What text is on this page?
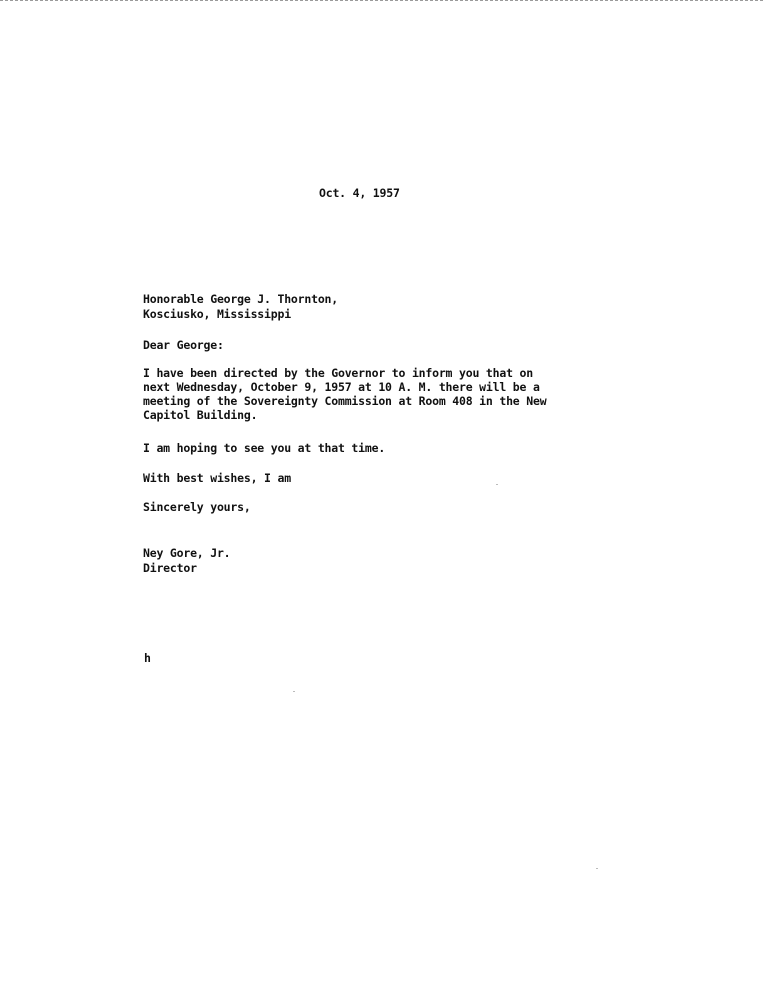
Oct. 4, 1957
Honorable George J. Thornton,
Kosciusko, Mississippi
Dear George:
I have been directed by the Governor to inform you that on
next Wednesday, October 9, 1957 at 10 A. M. there will be a
meeting of the Sovereignty Commission at Room 408 in the New
Capitol Building.
I am hoping to see you at that time.
With best wishes, I am
Sincerely yours,
Ney Gore, Jr.
Director
h
